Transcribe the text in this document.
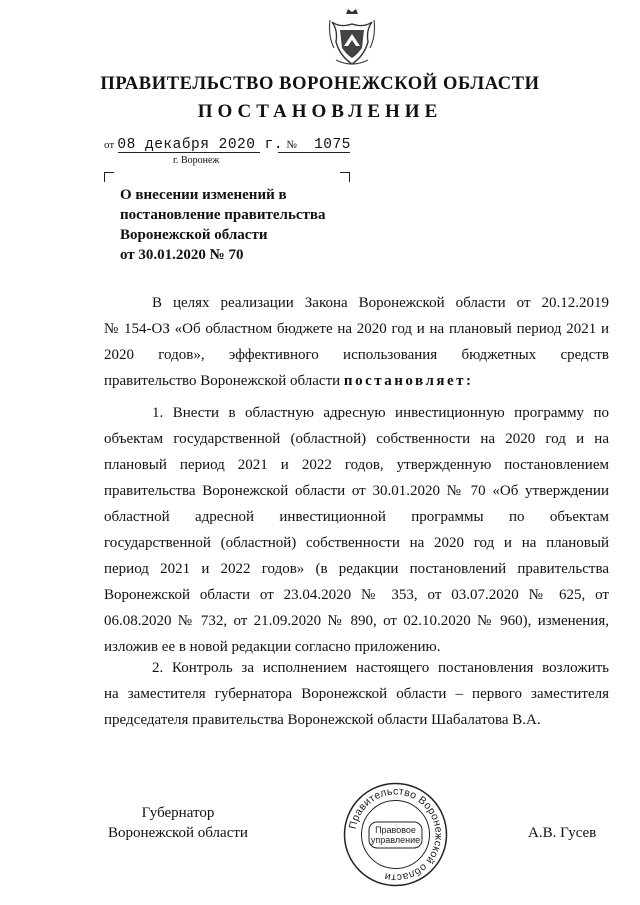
ПРАВИТЕЛЬСТВО ВОРОНЕЖСКОЙ ОБЛАСТИ
ПОСТАНОВЛЕНИЕ
от 08 декабря 2020 г. № 1075
г. Воронеж
О внесении изменений в
постановление правительства
Воронежской области
от 30.01.2020 № 70
В целях реализации Закона Воронежской области от 20.12.2019
№ 154-ОЗ «Об областном бюджете на 2020 год и на плановый период 2021 и
2020 годов», эффективного использования бюджетных средств
правительство Воронежской области постановляет:
1. Внести в областную адресную инвестиционную программу по
объектам государственной (областной) собственности на 2020 год и на
плановый период 2021 и 2022 годов, утвержденную постановлением
правительства Воронежской области от 30.01.2020 № 70 «Об утверждении
областной адресной инвестиционной программы по объектам
государственной (областной) собственности на 2020 год и на плановый
период 2021 и 2022 годов» (в редакции постановлений правительства
Воронежской области от 23.04.2020 № 353, от 03.07.2020 № 625, от
06.08.2020 № 732, от 21.09.2020 № 890, от 02.10.2020 № 960), изменения,
изложив ее в новой редакции согласно приложению.
2. Контроль за исполнением настоящего постановления возложить
на заместителя губернатора Воронежской области – первого заместителя
председателя правительства Воронежской области Шабалатова В.А.
Губернатор
Воронежской области
Правительство Воронежской области
Правовое
управление	А.В. Гусев
